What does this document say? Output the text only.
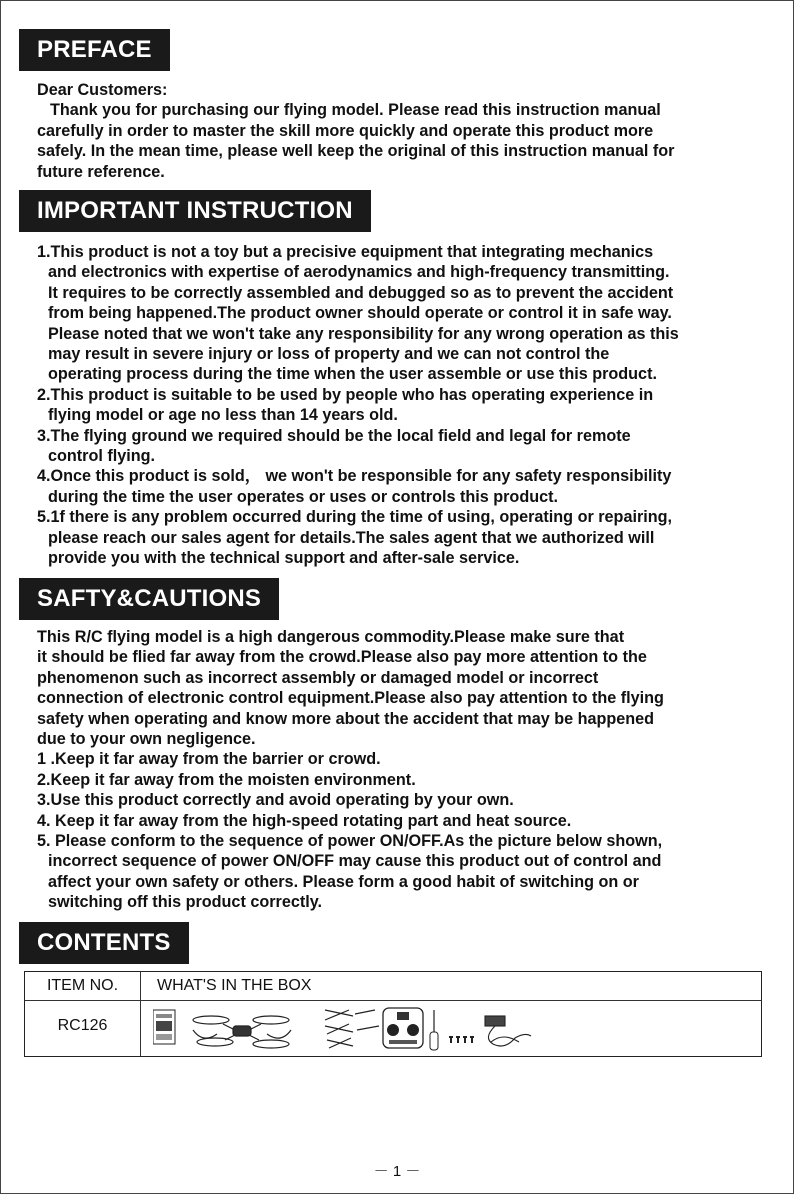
PREFACE

Dear Customers:

Thank you for purchasing our flying model. Please read this instruction manual

carefully in order to master the skill more quickly and operate this product more

safely. In the mean time, please well keep the original of this instruction manual for

future reference.

IMPORTANT INSTRUCTION

1.This product is not a toy but a precisive equipment that integrating mechanics

and electronics with expertise of aerodynamics and high-frequency transmitting.

It requires to be correctly assembled and debugged so as to prevent the accident

from being happened.The product owner should operate or control it in safe way.

Please noted that we won't take any responsibility for any wrong operation as this

may result in severe injury or loss of property and we can not control the

operating process during the time when the user assemble or use this product.

2.This product is suitable to be used by people who has operating experience in

flying model or age no less than 14 years old.

3.The flying ground we required should be the local field and legal for remote

control flying.

4.Once this product is sold， we won't be responsible for any safety responsibility

during the time the user operates or uses or controls this product.

5.1f there is any problem occurred during the time of using, operating or repairing,

please reach our sales agent for details.The sales agent that we authorized will

provide you with the technical support and after-sale service.

SAFTY&CAUTIONS

This R/C flying model is a high dangerous commodity.Please make sure that

it should be flied far away from the crowd.Please also pay more attention to the

phenomenon such as incorrect assembly or damaged model or incorrect

connection of electronic control equipment.Please also pay attention to the flying

safety when operating and know more about the accident that may be happened

due to your own negligence.

1 .Keep it far away from the barrier or crowd.

2.Keep it far away from the moisten environment.

3.Use this product correctly and avoid operating by your own.

4. Keep it far away from the high-speed rotating part and heat source.

5. Please conform to the sequence of power ON/OFF.As the picture below shown,

incorrect sequence of power ON/OFF may cause this product out of control and

affect your own safety or others. Please form a good habit of switching on or

switching off this product correctly.

CONTENTS
ITEM NO.	WHAT'S IN THE BOX
RC126
－ 1 －
